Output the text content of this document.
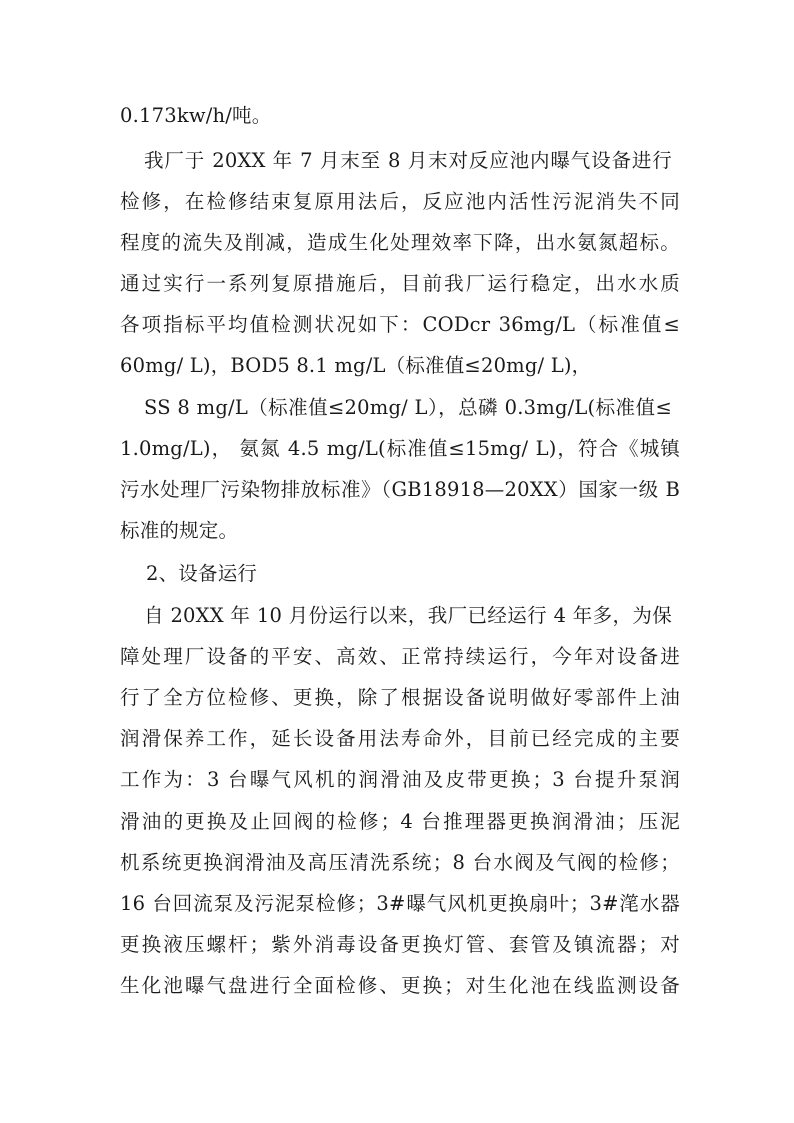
0.173kw/h/吨。
我厂于 20XX 年 7 月末至 8 月末对反应池内曝气设备进行
检修，在检修结束复原用法后，反应池内活性污泥消失不同
程度的流失及削减，造成生化处理效率下降，出水氨氮超标。
通过实行一系列复原措施后，目前我厂运行稳定，出水水质
各项指标平均值检测状况如下：CODcr 36mg/L（标准值≤
60mg/ L)，BOD5 8.1 mg/L（标准值≤20mg/ L)，
SS 8 mg/L（标准值≤20mg/ L），总磷 0.3mg/L(标准值≤
1.0mg/L)， 氨氮 4.5 mg/L(标准值≤15mg/ L)，符合《城镇
污水处理厂污染物排放标准》（GB18918—20XX）国家一级 B
标准的规定。
2、设备运行
自 20XX 年 10 月份运行以来，我厂已经运行 4 年多，为保
障处理厂设备的平安、高效、正常持续运行，今年对设备进
行了全方位检修、更换，除了根据设备说明做好零部件上油
润滑保养工作，延长设备用法寿命外，目前已经完成的主要
工作为：3 台曝气风机的润滑油及皮带更换；3 台提升泵润
滑油的更换及止回阀的检修；4 台推理器更换润滑油；压泥
机系统更换润滑油及高压清洗系统；8 台水阀及气阀的检修；
16 台回流泵及污泥泵检修；3#曝气风机更换扇叶；3#滗水器
更换液压螺杆；紫外消毒设备更换灯管、套管及镇流器；对
生化池曝气盘进行全面检修、更换；对生化池在线监测设备
